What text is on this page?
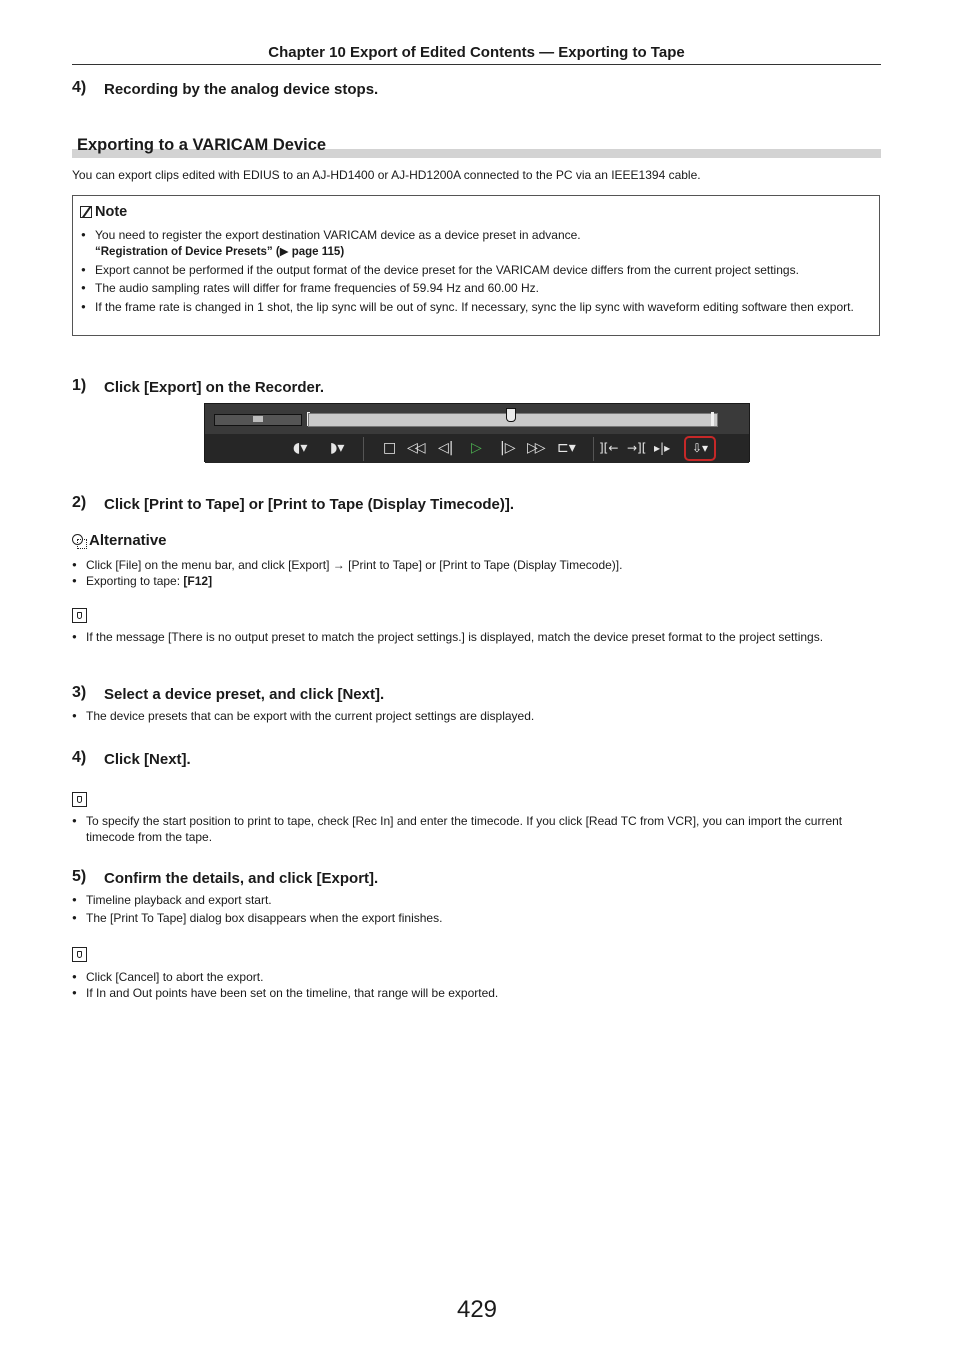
Chapter 10 Export of Edited Contents — Exporting to Tape
4) Recording by the analog device stops.
Exporting to a VARICAM Device
You can export clips edited with EDIUS to an AJ-HD1400 or AJ-HD1200A connected to the PC via an IEEE1394 cable.
Note
● You need to register the export destination VARICAM device as a device preset in advance.
“Registration of Device Presets” (▶ page 115)
● Export cannot be performed if the output format of the device preset for the VARICAM device differs from the current project settings.
● The audio sampling rates will differ for frame frequencies of 59.94 Hz and 60.00 Hz.
● If the frame rate is changed in 1 shot, the lip sync will be out of sync. If necessary, sync the lip sync with waveform editing software then export.
1) Click [Export] on the Recorder.
◖▾ ◗▾	□ ◁◁ ◁| ▷ |▷ ▷▷ ⊏▾ ][← →][ ▸|▸	⇩▾
2) Click [Print to Tape] or [Print to Tape (Display Timecode)].
Alternative
● Click [File] on the menu bar, and click [Export] → [Print to Tape] or [Print to Tape (Display Timecode)].
● Exporting to tape: [F12]
● If the message [There is no output preset to match the project settings.] is displayed, match the device preset format to the project settings.
3) Select a device preset, and click [Next].
● The device presets that can be export with the current project settings are displayed.
4) Click [Next].
● To specify the start position to print to tape, check [Rec In] and enter the timecode. If you click [Read TC from VCR], you can import the current timecode from the tape.
5) Confirm the details, and click [Export].
● Timeline playback and export start.
● The [Print To Tape] dialog box disappears when the export finishes.
● Click [Cancel] to abort the export.
● If In and Out points have been set on the timeline, that range will be exported.
429
